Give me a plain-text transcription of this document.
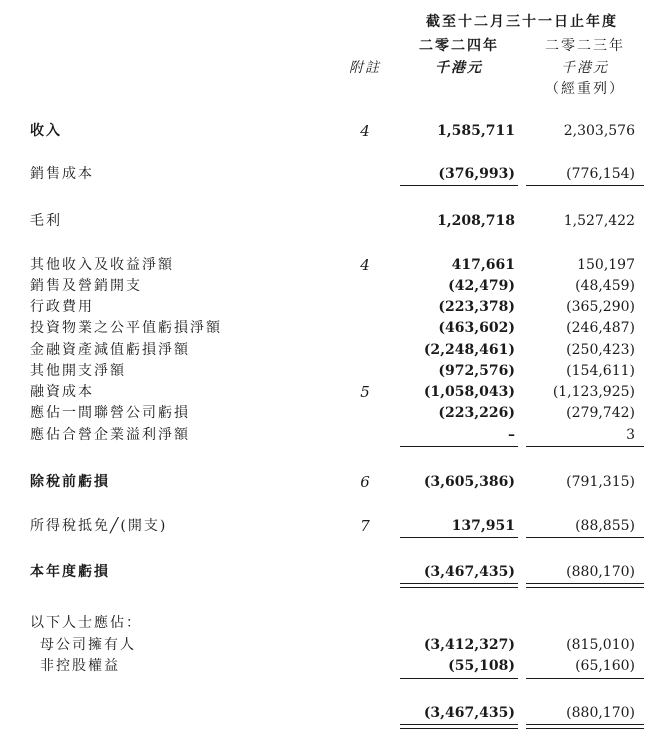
截至十二月三十一日止年度
二零二四年	二零二三年
附註	千港元	千港元
（經重列）
收入	4	1,585,711	2,303,576
銷售成本	(376,993)	(776,154)
毛利	1,208,718	1,527,422
其他收入及收益淨額	4	417,661	150,197
銷售及營銷開支	(42,479)	(48,459)
行政費用	(223,378)	(365,290)
投資物業之公平值虧損淨額	(463,602)	(246,487)
金融資產減值虧損淨額	(2,248,461)	(250,423)
其他開支淨額	(972,576)	(154,611)
融資成本	5	(1,058,043)	(1,123,925)
應佔一間聯營公司虧損	(223,226)	(279,742)
應佔合營企業溢利淨額	–	3
除稅前虧損	6	(3,605,386)	(791,315)
所得稅抵免╱(開支)	7	137,951	(88,855)
本年度虧損	(3,467,435)	(880,170)
以下人士應佔：
母公司擁有人	(3,412,327)	(815,010)
非控股權益	(55,108)	(65,160)
(3,467,435)	(880,170)
